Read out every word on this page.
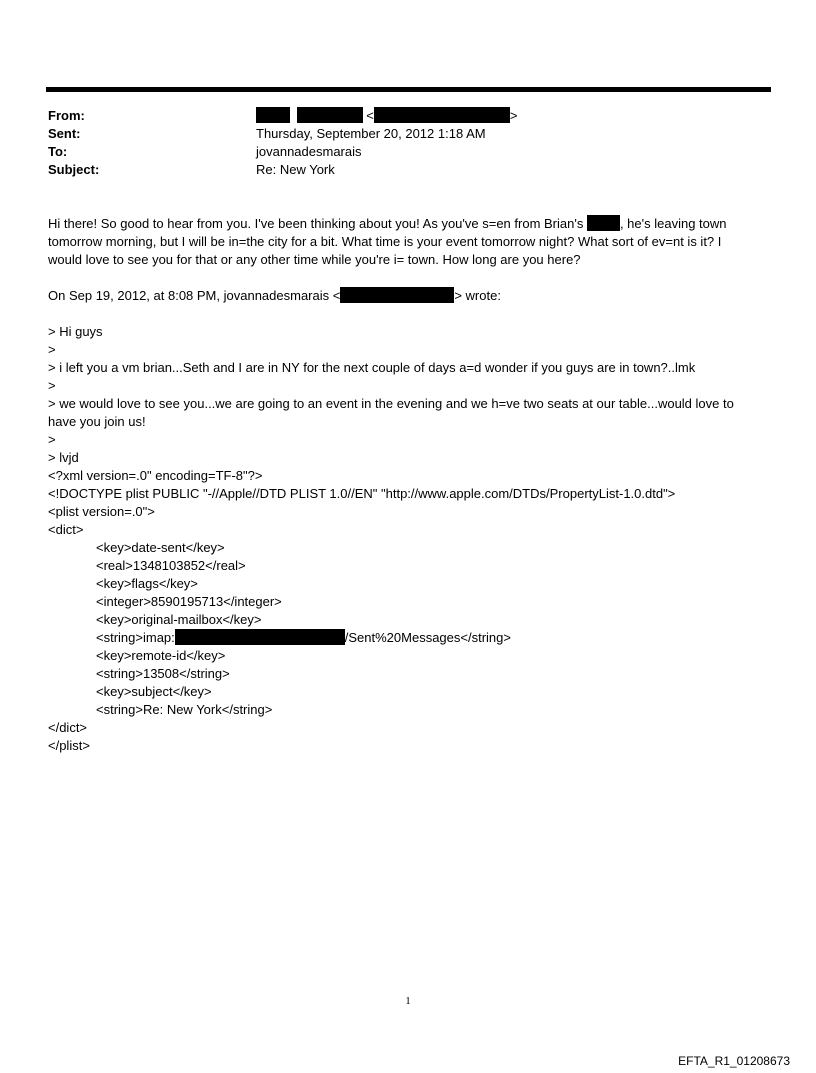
From:	<	>
Sent:	Thursday, September 20, 2012 1:18 AM
To:	jovannadesmarais
Subject:	Re: New York
Hi there! So good to hear from you. I've been thinking about you! As you've s=en from Brian's	, he's leaving town
tomorrow morning, but I will be in=the city for a bit. What time is your event tomorrow night? What sort of ev=nt is it? I
would love to see you for that or any other time while you're i= town. How long are you here?
On Sep 19, 2012, at 8:08 PM, jovannadesmarais <	> wrote:
> Hi guys
>
> i left you a vm brian...Seth and I are in NY for the next couple of days a=d wonder if you guys are in town?..lmk
>
> we would love to see you...we are going to an event in the evening and we h=ve two seats at our table...would love to
have you join us!
>
> lvjd
<?xml version=.0" encoding=TF-8"?>
<!DOCTYPE plist PUBLIC "-//Apple//DTD PLIST 1.0//EN" "http://www.apple.com/DTDs/PropertyList-1.0.dtd">
<plist version=.0">
<dict>
<key>date-sent</key>
<real>1348103852</real>
<key>flags</key>
<integer>8590195713</integer>
<key>original-mailbox</key>
<string>imap:	/Sent%20Messages</string>
<key>remote-id</key>
<string>13508</string>
<key>subject</key>
<string>Re: New York</string>
</dict>
</plist>
1
EFTA_R1_01208673
